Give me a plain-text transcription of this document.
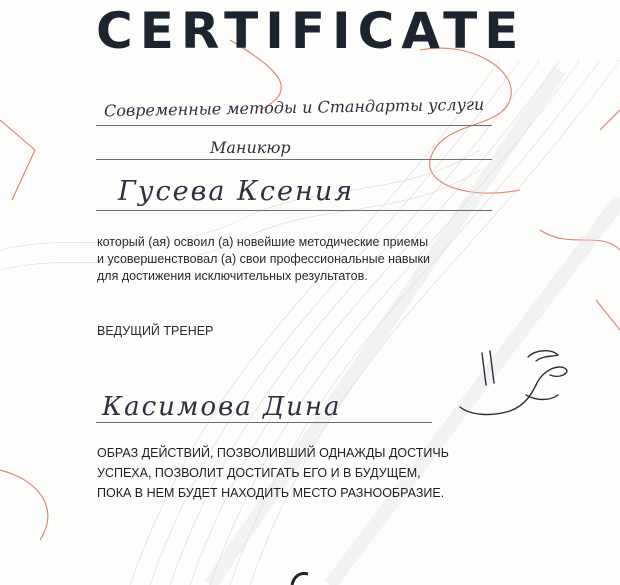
CERTIFICATE
Современные методы и Стандарты услуги
Маникюр
Гусева Ксения
который (ая) освоил (а) новейшие методические приемы
и усовершенствовал (а) свои профессиональные навыки
для достижения исключительных результатов.
ВЕДУЩИЙ ТРЕНЕР
Касимова Дина
ОБРАЗ ДЕЙСТВИЙ, ПОЗВОЛИВШИЙ ОДНАЖДЫ ДОСТИЧЬ
УСПЕХА, ПОЗВОЛИТ ДОСТИГАТЬ ЕГО И В БУДУЩЕМ,
ПОКА В НЕМ БУДЕТ НАХОДИТЬ МЕСТО РАЗНООБРАЗИЕ.
